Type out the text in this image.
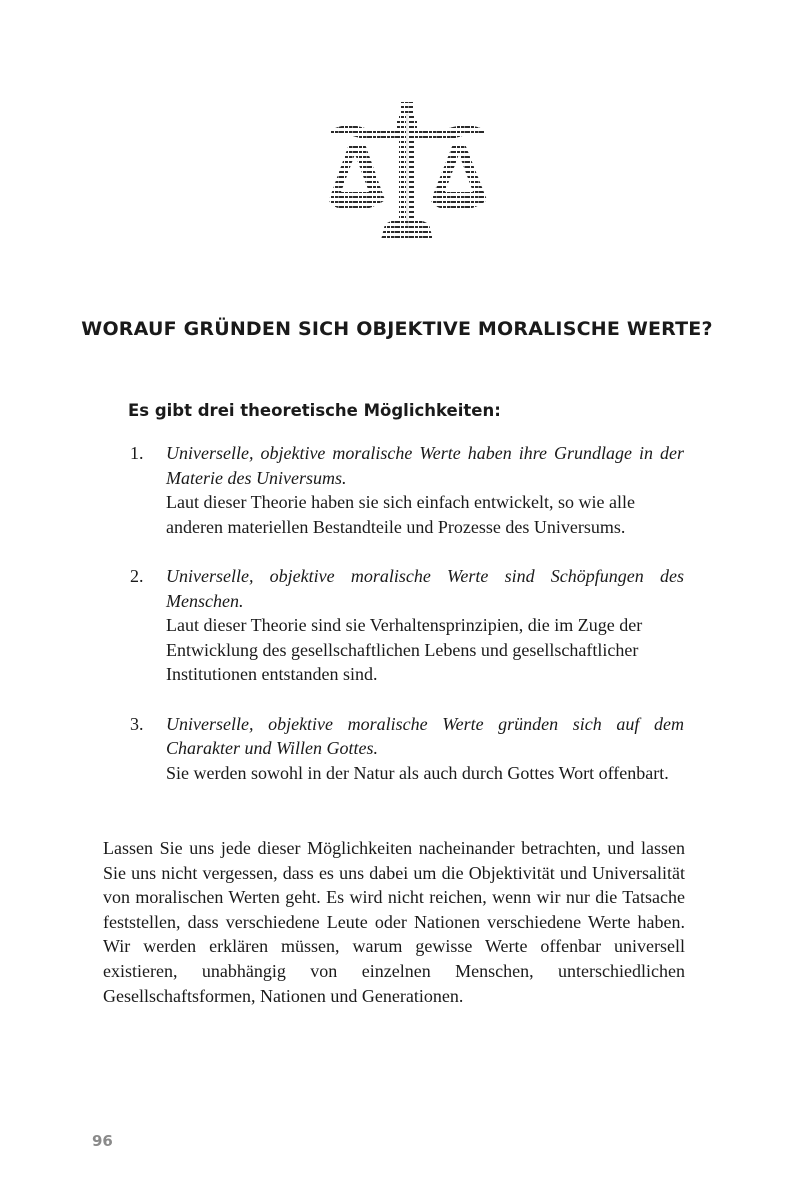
WORAUF GRÜNDEN SICH OBJEKTIVE MORALISCHE WERTE?
Es gibt drei theoretische Möglichkeiten:
1. Universelle, objektive moralische Werte haben ihre Grundlage in der Materie des Universums.
Laut dieser Theorie haben sie sich einfach entwickelt, so wie alle anderen materiellen Bestandteile und Prozesse des Universums.
2. Universelle, objektive moralische Werte sind Schöpfungen des Menschen.
Laut dieser Theorie sind sie Verhaltensprinzipien, die im Zuge der Entwicklung des gesellschaftlichen Lebens und gesellschaftlicher Institutionen entstanden sind.
3. Universelle, objektive moralische Werte gründen sich auf dem Charakter und Willen Gottes.
Sie werden sowohl in der Natur als auch durch Gottes Wort offenbart.

Lassen Sie uns jede dieser Möglichkeiten nacheinander betrachten, und lassen Sie uns nicht vergessen, dass es uns dabei um die Objektivität und Universalität von moralischen Werten geht. Es wird nicht reichen, wenn wir nur die Tatsache feststellen, dass verschiedene Leute oder Nationen verschiedene Werte haben. Wir werden erklären müssen, warum gewisse Werte offenbar universell existieren, unabhängig von einzelnen Menschen, unterschiedlichen Gesellschaftsformen, Nationen und Generationen.

96
